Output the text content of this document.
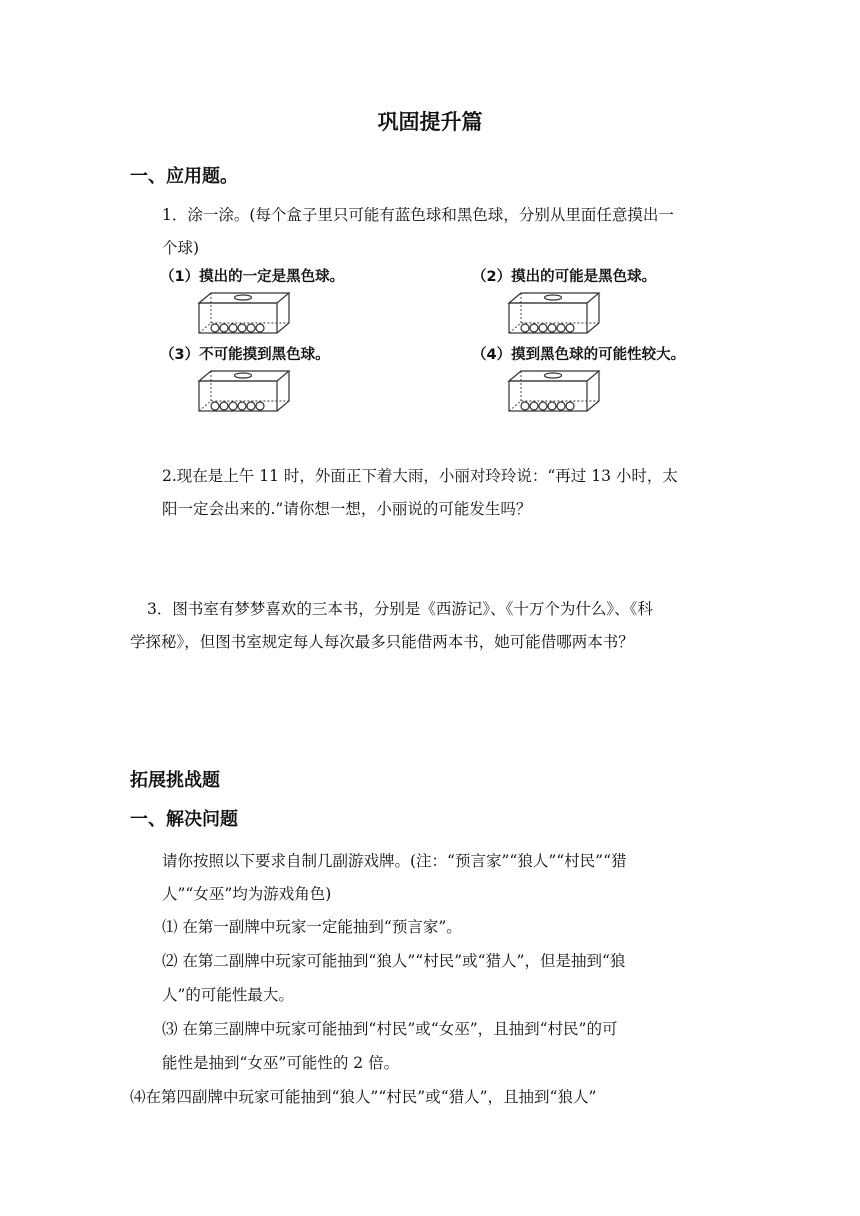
巩固提升篇
一、应用题。
1．涂一涂。(每个盒子里只可能有蓝色球和黑色球，分别从里面任意摸出一
个球)
（1）摸出的一定是黑色球。	（2）摸出的可能是黑色球。
（3）不可能摸到黑色球。	（4）摸到黑色球的可能性较大。
2.现在是上午 11 时，外面正下着大雨，小丽对玲玲说：“再过 13 小时，太
阳一定会出来的.”请你想一想，小丽说的可能发生吗？
3．图书室有梦梦喜欢的三本书，分别是《西游记》、《十万个为什么》、《科
学探秘》，但图书室规定每人每次最多只能借两本书，她可能借哪两本书？
拓展挑战题
一、解决问题
请你按照以下要求自制几副游戏牌。(注：“预言家”“狼人”“村民”“猎
人”“女巫”均为游戏角色)
⑴ 在第一副牌中玩家一定能抽到“预言家”。
⑵ 在第二副牌中玩家可能抽到“狼人”“村民”或“猎人”，但是抽到“狼
人”的可能性最大。
⑶ 在第三副牌中玩家可能抽到“村民”或“女巫”，且抽到“村民”的可
能性是抽到“女巫”可能性的 2 倍。
⑷在第四副牌中玩家可能抽到“狼人”“村民”或“猎人”，且抽到“狼人”
